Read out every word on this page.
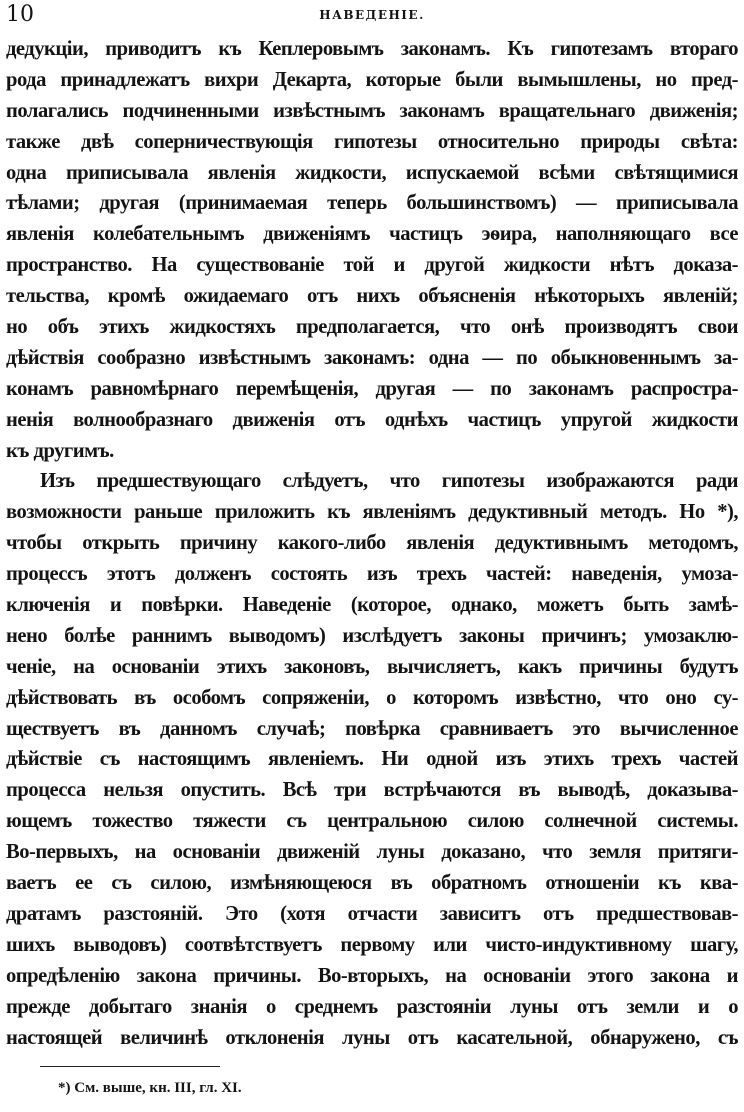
10	НАВЕДЕНІЕ.
дедукціи, приводитъ къ Кеплеровымъ законамъ. Къ гипотезамъ втораго
рода принадлежатъ вихри Декарта, которые были вымышлены, но пред-
полагались подчиненными извѣстнымъ законамъ вращательнаго движенія;
также двѣ соперничествующія гипотезы относительно природы свѣта:
одна приписывала явленія жидкости, испускаемой всѣми свѣтящимися
тѣлами; другая (принимаемая теперь большинствомъ) — приписывала
явленія колебательнымъ движеніямъ частицъ эѳира, наполняющаго все
пространство. На существованіе той и другой жидкости нѣтъ доказа-
тельства, кромѣ ожидаемаго отъ нихъ объясненія нѣкоторыхъ явленій;
но объ этихъ жидкостяхъ предполагается, что онѣ производятъ свои
дѣйствія сообразно извѣстнымъ законамъ: одна — по обыкновеннымъ за-
конамъ равномѣрнаго перемѣщенія, другая — по законамъ распростра-
ненія волнообразнаго движенія отъ однѣхъ частицъ упругой жидкости
къ другимъ.
Изъ предшествующаго слѣдуетъ, что гипотезы изображаются ради
возможности раньше приложить къ явленіямъ дедуктивный методъ. Но *),
чтобы открыть причину какого-либо явленія дедуктивнымъ методомъ,
процессъ этотъ долженъ состоять изъ трехъ частей: наведенія, умоза-
ключенія и повѣрки. Наведеніе (которое, однако, можетъ быть замѣ-
нено болѣе раннимъ выводомъ) изслѣдуетъ законы причинъ; умозаклю-
ченіе, на основаніи этихъ законовъ, вычисляетъ, какъ причины будутъ
дѣйствовать въ особомъ сопряженіи, о которомъ извѣстно, что оно су-
ществуетъ въ данномъ случаѣ; повѣрка сравниваетъ это вычисленное
дѣйствіе съ настоящимъ явленіемъ. Ни одной изъ этихъ трехъ частей
процесса нельзя опустить. Всѣ три встрѣчаются въ выводѣ, доказыва-
ющемъ тожество тяжести съ центральною силою солнечной системы.
Во-первыхъ, на основаніи движеній луны доказано, что земля притяги-
ваетъ ее съ силою, измѣняющеюся въ обратномъ отношеніи къ ква-
дратамъ разстояній. Это (хотя отчасти зависитъ отъ предшествовав-
шихъ выводовъ) соотвѣтствуетъ первому или чисто-индуктивному шагу,
опредѣленію закона причины. Во-вторыхъ, на основаніи этого закона и
прежде добытаго знанія о среднемъ разстояніи луны отъ земли и о
настоящей величинѣ отклоненія луны отъ касательной, обнаружено, съ
*) См. выше, кн. III, гл. XI.
